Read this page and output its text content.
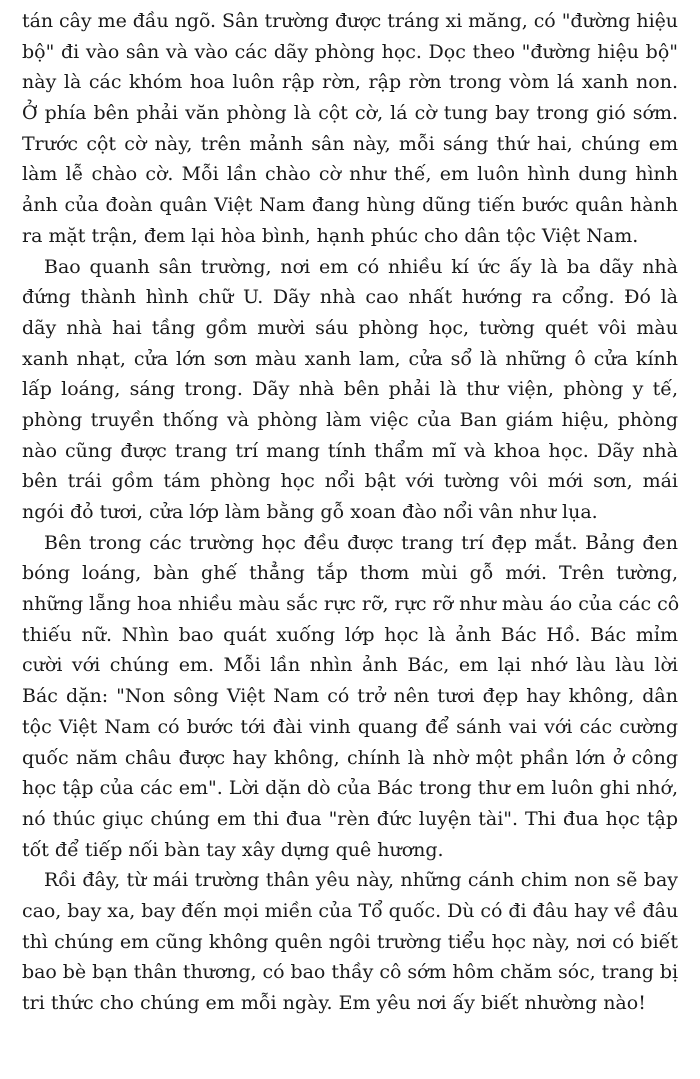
tán cây me đầu ngõ. Sân trường được tráng xi măng, có "đường hiệu
bộ" đi vào sân và vào các dãy phòng học. Dọc theo "đường hiệu bộ"
này là các khóm hoa luôn rập rờn, rập rờn trong vòm lá xanh non.
Ở phía bên phải văn phòng là cột cờ, lá cờ tung bay trong gió sớm.
Trước cột cờ này, trên mảnh sân này, mỗi sáng thứ hai, chúng em
làm lễ chào cờ. Mỗi lần chào cờ như thế, em luôn hình dung hình
ảnh của đoàn quân Việt Nam đang hùng dũng tiến bước quân hành
ra mặt trận, đem lại hòa bình, hạnh phúc cho dân tộc Việt Nam.
Bao quanh sân trường, nơi em có nhiều kí ức ấy là ba dãy nhà
đứng thành hình chữ U. Dãy nhà cao nhất hướng ra cổng. Đó là
dãy nhà hai tầng gồm mười sáu phòng học, tường quét vôi màu
xanh nhạt, cửa lớn sơn màu xanh lam, cửa sổ là những ô cửa kính
lấp loáng, sáng trong. Dãy nhà bên phải là thư viện, phòng y tế,
phòng truyền thống và phòng làm việc của Ban giám hiệu, phòng
nào cũng được trang trí mang tính thẩm mĩ và khoa học. Dãy nhà
bên trái gồm tám phòng học nổi bật với tường vôi mới sơn, mái
ngói đỏ tươi, cửa lớp làm bằng gỗ xoan đào nổi vân như lụa.
Bên trong các trường học đều được trang trí đẹp mắt. Bảng đen
bóng loáng, bàn ghế thẳng tắp thơm mùi gỗ mới. Trên tường,
những lẵng hoa nhiều màu sắc rực rỡ, rực rỡ như màu áo của các cô
thiếu nữ. Nhìn bao quát xuống lớp học là ảnh Bác Hồ. Bác mỉm
cười với chúng em. Mỗi lần nhìn ảnh Bác, em lại nhớ làu làu lời
Bác dặn: "Non sông Việt Nam có trở nên tươi đẹp hay không, dân
tộc Việt Nam có bước tới đài vinh quang để sánh vai với các cường
quốc năm châu được hay không, chính là nhờ một phần lớn ở công
học tập của các em". Lời dặn dò của Bác trong thư em luôn ghi nhớ,
nó thúc giục chúng em thi đua "rèn đức luyện tài". Thi đua học tập
tốt để tiếp nối bàn tay xây dựng quê hương.
Rồi đây, từ mái trường thân yêu này, những cánh chim non sẽ bay
cao, bay xa, bay đến mọi miền của Tổ quốc. Dù có đi đâu hay về đâu
thì chúng em cũng không quên ngôi trường tiểu học này, nơi có biết
bao bè bạn thân thương, có bao thầy cô sớm hôm chăm sóc, trang bị
tri thức cho chúng em mỗi ngày. Em yêu nơi ấy biết nhường nào!
